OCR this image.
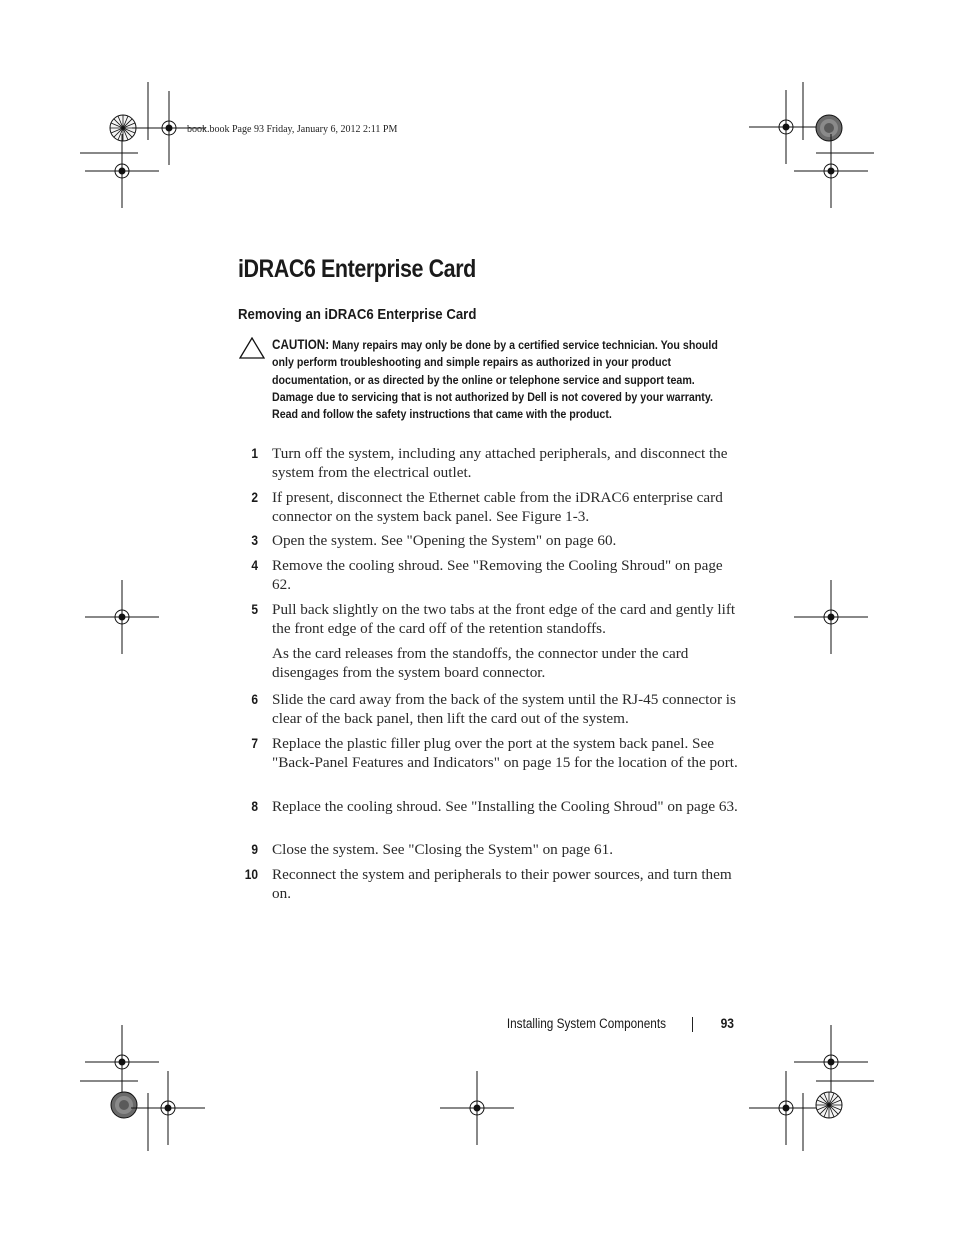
book.book Page 93 Friday, January 6, 2012 2:11 PM
iDRAC6 Enterprise Card
Removing an iDRAC6 Enterprise Card
CAUTION: Many repairs may only be done by a certified service technician. You should only perform troubleshooting and simple repairs as authorized in your product documentation, or as directed by the online or telephone service and support team. Damage due to servicing that is not authorized by Dell is not covered by your warranty. Read and follow the safety instructions that came with the product.
1 Turn off the system, including any attached peripherals, and disconnect the system from the electrical outlet.
2 If present, disconnect the Ethernet cable from the iDRAC6 enterprise card connector on the system back panel. See Figure 1-3.
3 Open the system. See "Opening the System" on page 60.
4 Remove the cooling shroud. See "Removing the Cooling Shroud" on page 62.
5 Pull back slightly on the two tabs at the front edge of the card and gently lift the front edge of the card off of the retention standoffs.
As the card releases from the standoffs, the connector under the card disengages from the system board connector.
6 Slide the card away from the back of the system until the RJ-45 connector is clear of the back panel, then lift the card out of the system.
7 Replace the plastic filler plug over the port at the system back panel. See "Back-Panel Features and Indicators" on page 15 for the location of the port.
8 Replace the cooling shroud. See "Installing the Cooling Shroud" on page 63.
9 Close the system. See "Closing the System" on page 61.
10 Reconnect the system and peripherals to their power sources, and turn them on.
Installing System Components	93
